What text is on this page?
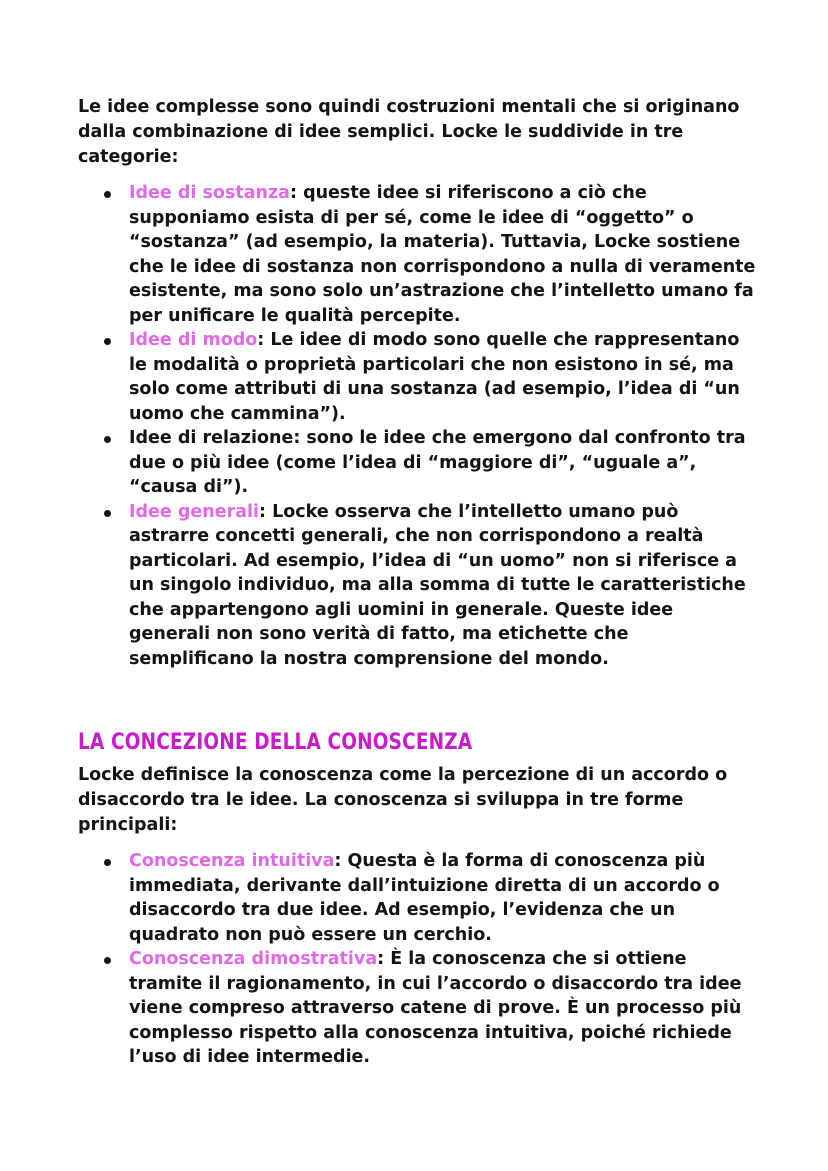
Le idee complesse sono quindi costruzioni mentali che si originano dalla combinazione di idee semplici. Locke le suddivide in tre categorie:

Idee di sostanza: queste idee si riferiscono a ciò che supponiamo esista di per sé, come le idee di “oggetto” o “sostanza” (ad esempio, la materia). Tuttavia, Locke sostiene che le idee di sostanza non corrispondono a nulla di veramente esistente, ma sono solo un’astrazione che l’intelletto umano fa per unificare le qualità percepite.
Idee di modo: Le idee di modo sono quelle che rappresentano le modalità o proprietà particolari che non esistono in sé, ma solo come attributi di una sostanza (ad esempio, l’idea di “un uomo che cammina”).
Idee di relazione: sono le idee che emergono dal confronto tra due o più idee (come l’idea di “maggiore di”, “uguale a”, “causa di”).
Idee generali: Locke osserva che l’intelletto umano può astrarre concetti generali, che non corrispondono a realtà particolari. Ad esempio, l’idea di “un uomo” non si riferisce a un singolo individuo, ma alla somma di tutte le caratteristiche che appartengono agli uomini in generale. Queste idee generali non sono verità di fatto, ma etichette che semplificano la nostra comprensione del mondo.
LA CONCEZIONE DELLA CONOSCENZA

Locke definisce la conoscenza come la percezione di un accordo o disaccordo tra le idee. La conoscenza si sviluppa in tre forme principali:

Conoscenza intuitiva: Questa è la forma di conoscenza più immediata, derivante dall’intuizione diretta di un accordo o disaccordo tra due idee. Ad esempio, l’evidenza che un quadrato non può essere un cerchio.
Conoscenza dimostrativa: È la conoscenza che si ottiene tramite il ragionamento, in cui l’accordo o disaccordo tra idee viene compreso attraverso catene di prove. È un processo più complesso rispetto alla conoscenza intuitiva, poiché richiede l’uso di idee intermedie.
